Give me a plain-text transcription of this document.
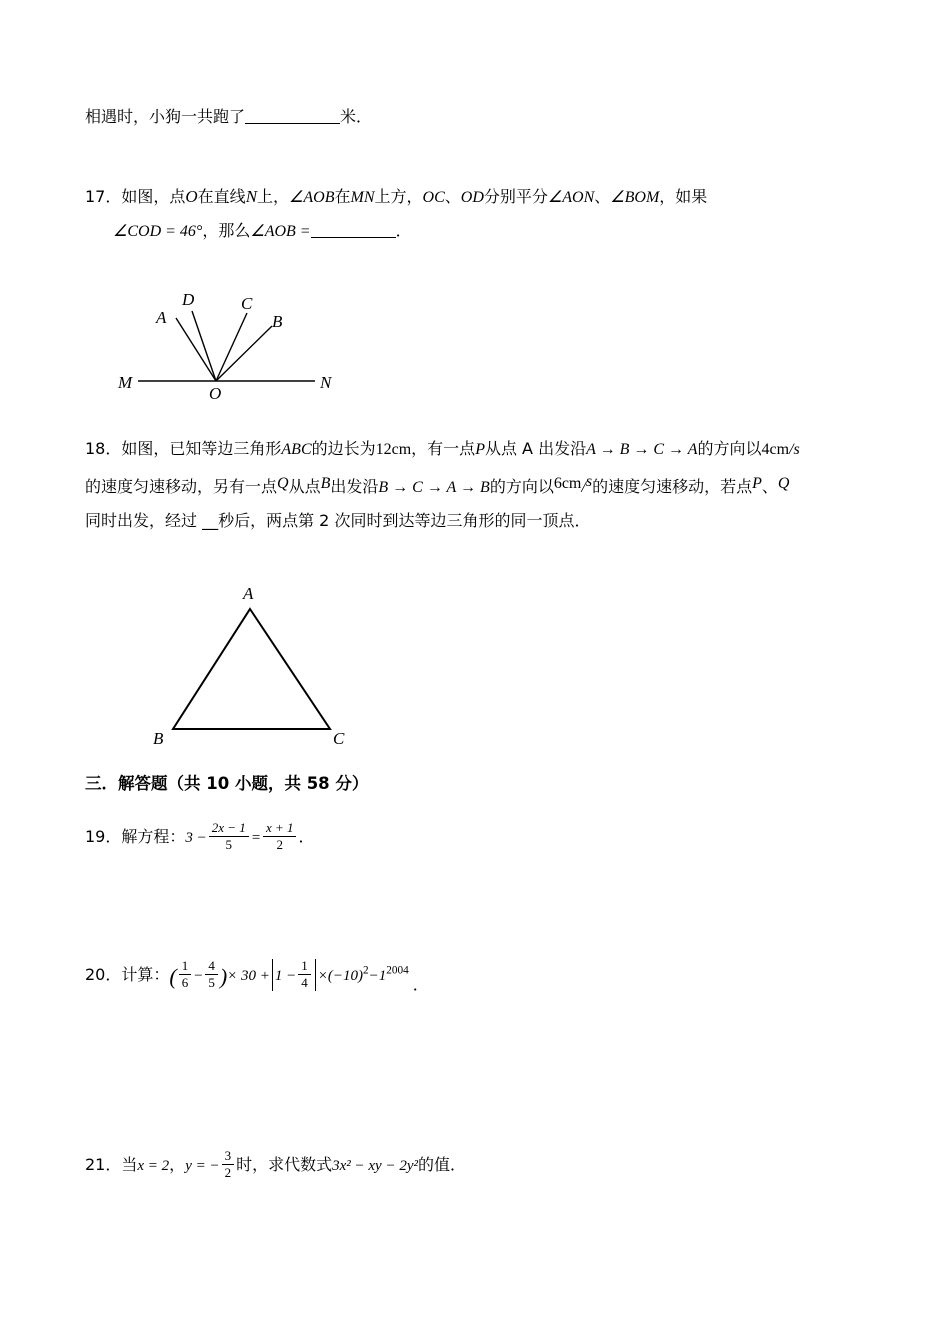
相遇时，小狗一共跑了	米．
17．如图，点O在直线N上，∠AOB在MN上方，OC、OD分别平分∠AON、∠BOM，如果
∠COD = 46°，那么∠AOB =	．
A
D	C
B
M	N
O
18．如图，已知等边三角形ABC的边长为12cm，有一点P从点 A 出发沿A → B → C → A的方向以4cm/s
的速度匀速移动，另有一点Q从点B出发沿B → C → A → B的方向以6cm/s的速度匀速移动，若点P、Q
同时出发，经过 __秒后，两点第 2 次同时到达等边三角形的同一顶点．
A
B	C
三．解答题（共 10 小题，共 58 分）
19．解方程：$3 - \frac{2x - 1}{5} = \frac{x + 1}{2}$ ．
20．计算：( $\frac{1}{6} - \frac{4}{5}$ )× $30 + 1 - \frac{1}{4} \times(-10)^2-1^{2004}$．
21．当x = 2，y = − $\frac{3}{2}$ 时，求代数式3x² − xy − 2y²的值．
